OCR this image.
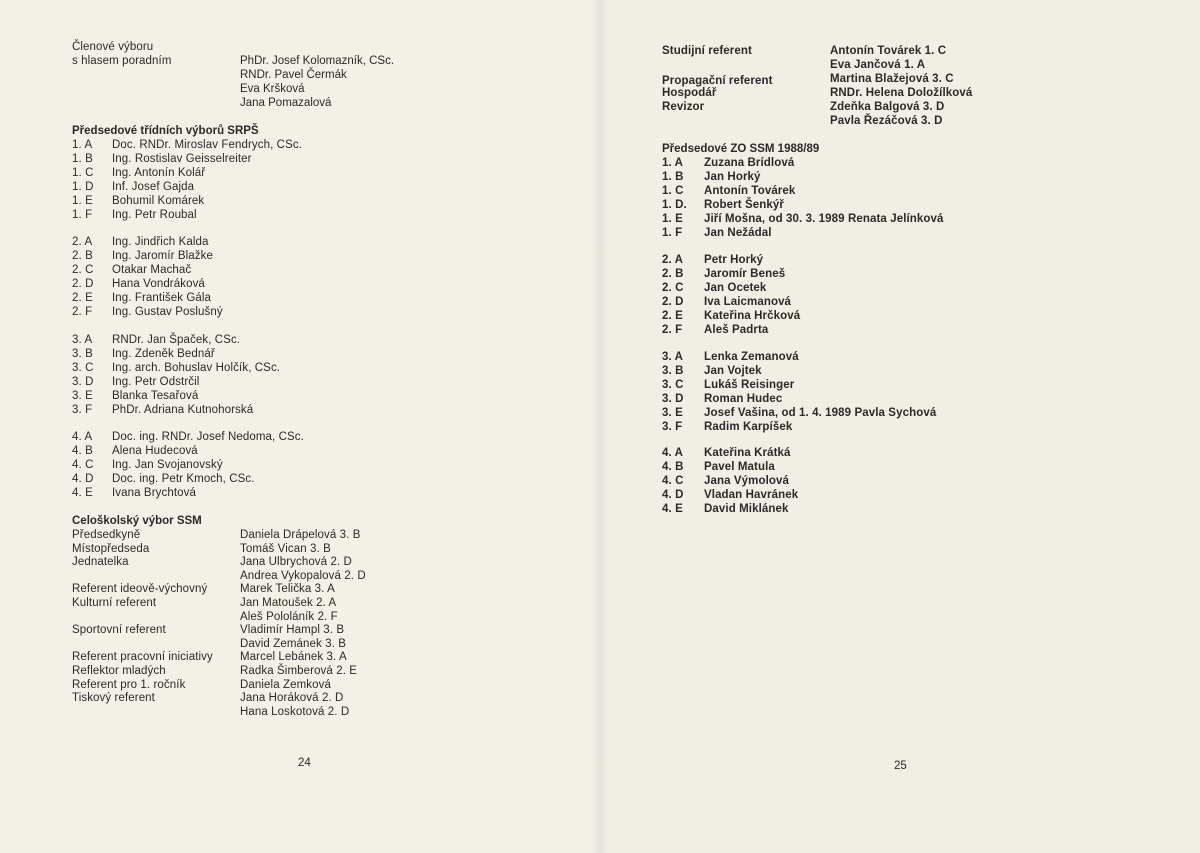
Členové výboru
s hlasem poradním	PhDr. Josef Kolomazník, CSc.
RNDr. Pavel Čermák
Eva Kršková
Jana Pomazalová
Předsedové třídních výborů SRPŠ
Celoškolský výbor SSM
24
1. A Doc. RNDr. Miroslav Fendrych, CSc.
1. B Ing. Rostislav Geisselreiter
1. C Ing. Antonín Kolář
1. D Inf. Josef Gajda
1. E Bohumil Komárek
1. F Ing. Petr Roubal
2. A Ing. Jindřich Kalda
2. B Ing. Jaromír Blažke
2. C Otakar Machač
2. D Hana Vondráková
2. E Ing. František Gála
2. F Ing. Gustav Poslušný
3. A RNDr. Jan Špaček, CSc.
3. B Ing. Zdeněk Bednář
3. C Ing. arch. Bohuslav Holčík, CSc.
3. D Ing. Petr Odstrčil
3. E Blanka Tesařová
3. F PhDr. Adriana Kutnohorská
4. A Doc. ing. RNDr. Josef Nedoma, CSc.
4. B Alena Hudecová
4. C Ing. Jan Svojanovský
4. D Doc. ing. Petr Kmoch, CSc.
4. E Ivana Brychtová
Předsedkyně	Daniela Drápelová 3. B
Místopředseda	Tomáš Vican 3. B
Jednatelka	Jana Ulbrychová 2. D
Andrea Vykopalová 2. D
Referent ideově-výchovný	Marek Telička 3. A
Kulturní referent	Jan Matoušek 2. A
Aleš Pololáník 2. F
Sportovní referent	Vladimír Hampl 3. B
David Zemánek 3. B
Referent pracovní iniciativy Marcel Lebánek 3. A
Reflektor mladých	Radka Šimberová 2. E
Referent pro 1. ročník	Daniela Zemková
Tiskový referent	Jana Horáková 2. D
Hana Loskotová 2. D
Předsedové ZO SSM 1988/89
25
Studijní referent	Antonín Továrek 1. C
Eva Jančová 1. A
Propagační referent	Martina Blažejová 3. C
Hospodář	RNDr. Helena Doložílková
Revizor	Zdeňka Balgová 3. D
Pavla Řezáčová 3. D
1. A Zuzana Brídlová
1. B Jan Horký
1. C Antonín Továrek
1. D. Robert Šenkýř
1. E Jiří Mošna, od 30. 3. 1989 Renata Jelínková
1. F Jan Nežádal
2. A Petr Horký
2. B Jaromír Beneš
2. C Jan Ocetek
2. D Iva Laicmanová
2. E Kateřina Hrčková
2. F Aleš Padrta
3. A Lenka Zemanová
3. B Jan Vojtek
3. C Lukáš Reisinger
3. D Roman Hudec
3. E Josef Vašina, od 1. 4. 1989 Pavla Sychová
3. F Radim Karpíšek
4. A Kateřina Krátká
4. B Pavel Matula
4. C Jana Výmolová
4. D Vladan Havránek
4. E David Miklánek
